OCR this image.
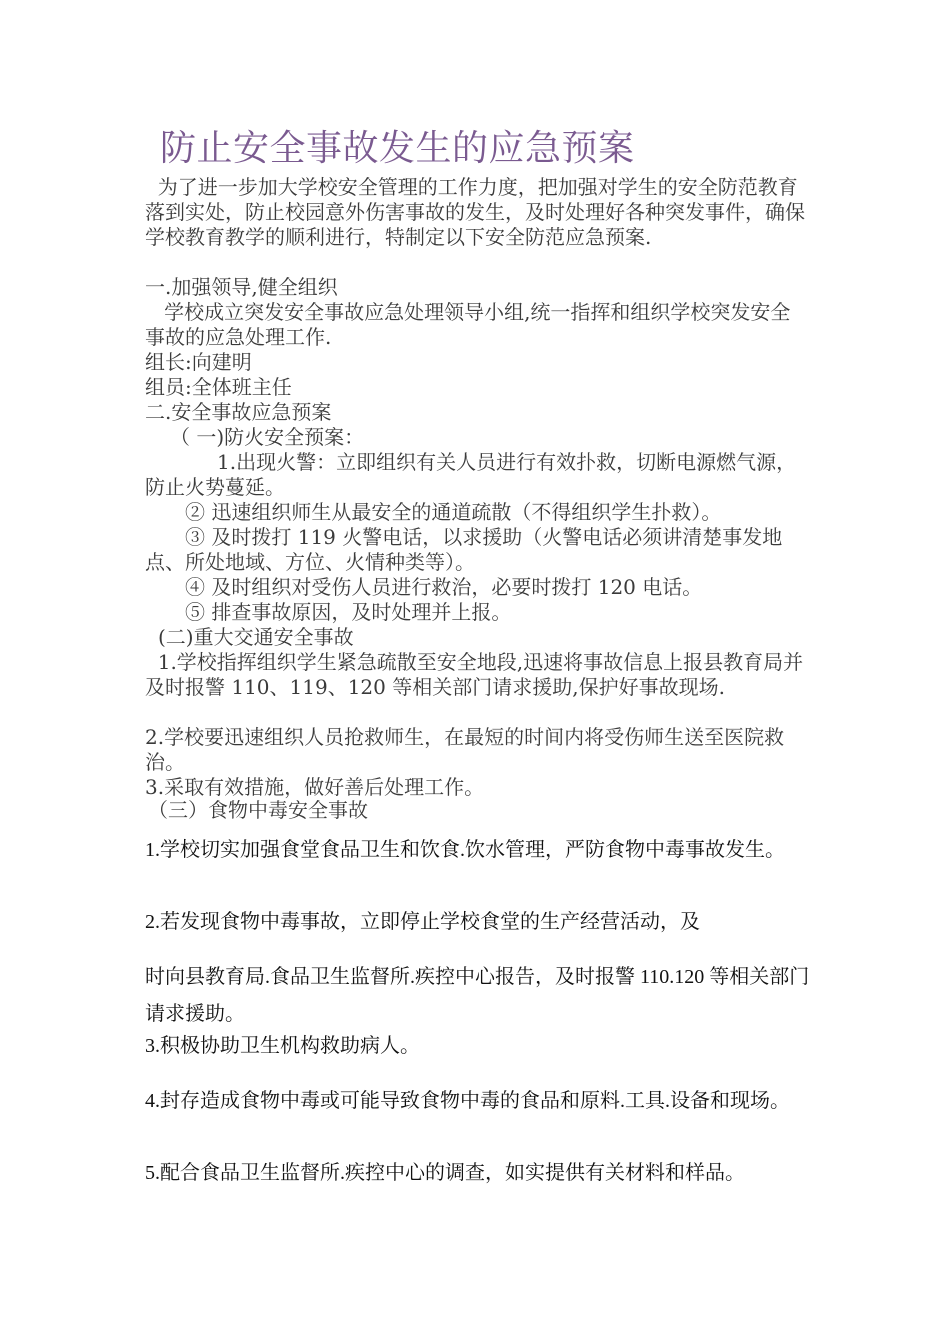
防止安全事故发生的应急预案

为了进一步加大学校安全管理的工作力度，把加强对学生的安全防范教育落到实处，防止校园意外伤害事故的发生，及时处理好各种突发事件，确保学校教育教学的顺利进行，特制定以下安全防范应急预案.

一.加强领导,健全组织

学校成立突发安全事故应急处理领导小组,统一指挥和组织学校突发安全事故的应急处理工作.

组长:向建明

组员:全体班主任

二.安全事故应急预案

（ 一)防火安全预案：

1.出现火警：立即组织有关人员进行有效扑救，切断电源燃气源，防止火势蔓延。

② 迅速组织师生从最安全的通道疏散（不得组织学生扑救）。

③ 及时拨打 119 火警电话，以求援助（火警电话必须讲清楚事发地点、所处地域、方位、火情种类等）。

④ 及时组织对受伤人员进行救治，必要时拨打 120 电话。

⑤ 排查事故原因，及时处理并上报。

(二)重大交通安全事故

1.学校指挥组织学生紧急疏散至安全地段,迅速将事故信息上报县教育局并及时报警 110、119、120 等相关部门请求援助,保护好事故现场.

2.学校要迅速组织人员抢救师生，在最短的时间内将受伤师生送至医院救治。

3.采取有效措施，做好善后处理工作。

（三）食物中毒安全事故

1.学校切实加强食堂食品卫生和饮食.饮水管理，严防食物中毒事故发生。

2.若发现食物中毒事故，立即停止学校食堂的生产经营活动，及

时向县教育局.食品卫生监督所.疾控中心报告，及时报警 110.120 等相关部门请求援助。

3.积极协助卫生机构救助病人。

4.封存造成食物中毒或可能导致食物中毒的食品和原料.工具.设备和现场。

5.配合食品卫生监督所.疾控中心的调查，如实提供有关材料和样品。
